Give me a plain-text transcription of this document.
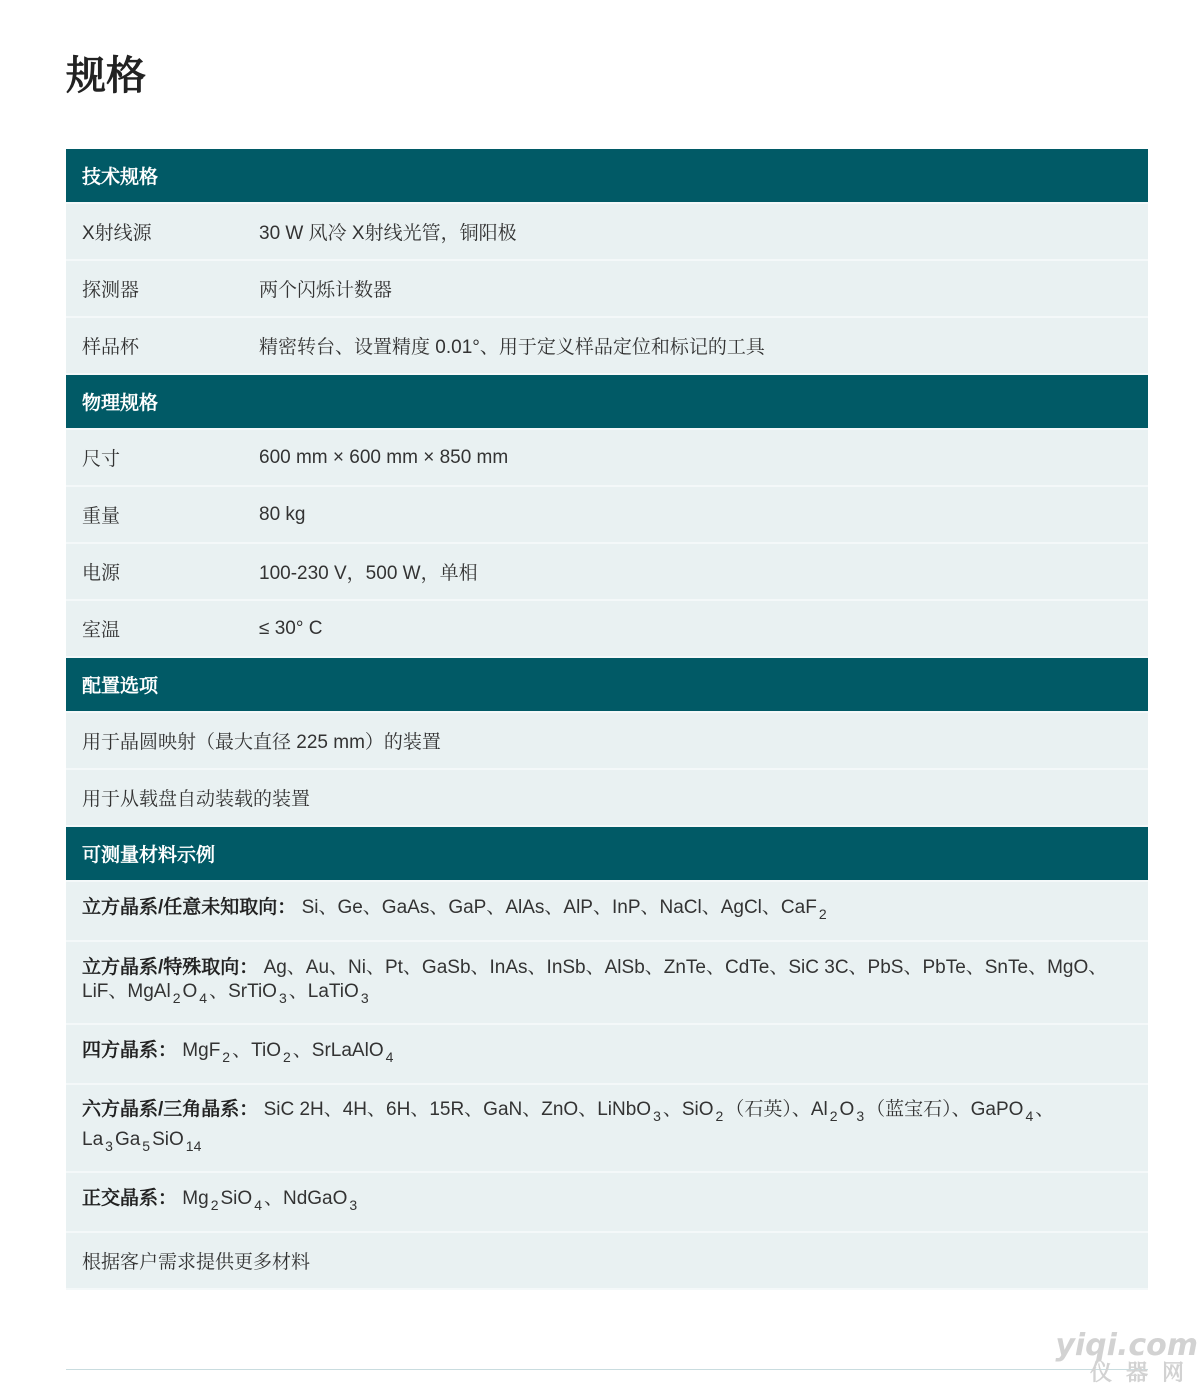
规格
技术规格
X射线源	30 W 风冷 X射线光管，铜阳极
探测器	两个闪烁计数器
样品杯	精密转台、设置精度 0.01°、用于定义样品定位和标记的工具
物理规格
尺寸	600 mm × 600 mm × 850 mm
重量	80 kg
电源	100-230 V，500 W，单相
室温	≤ 30° C
配置选项
用于晶圆映射（最大直径 225 mm）的装置
用于从载盘自动装载的装置
可测量材料示例
立方晶系/任意未知取向： Si、Ge、GaAs、GaP、AlAs、AlP、InP、NaCl、AgCl、CaF $_2$
立方晶系/特殊取向： Ag、Au、Ni、Pt、GaSb、InAs、InSb、AlSb、ZnTe、CdTe、SiC 3C、PbS、PbTe、SnTe、MgO、
LiF、MgAl $_2$ O $_4$ 、SrTiO $_3$ 、LaTiO $_3$
四方晶系： MgF $_2$ 、TiO $_2$ 、SrLaAlO $_4$
六方晶系/三角晶系： SiC 2H、4H、6H、15R、GaN、ZnO、LiNbO $_3$ 、SiO $_2$ （石英）、Al $_2$ O $_3$ （蓝宝石）、GaPO $_4$ 、
La $_3$ Ga $_5$ SiO $_{14}$
正交晶系： Mg $_2$ SiO $_4$ 、NdGaO $_3$
根据客户需求提供更多材料
yiqi.com
仪器网
